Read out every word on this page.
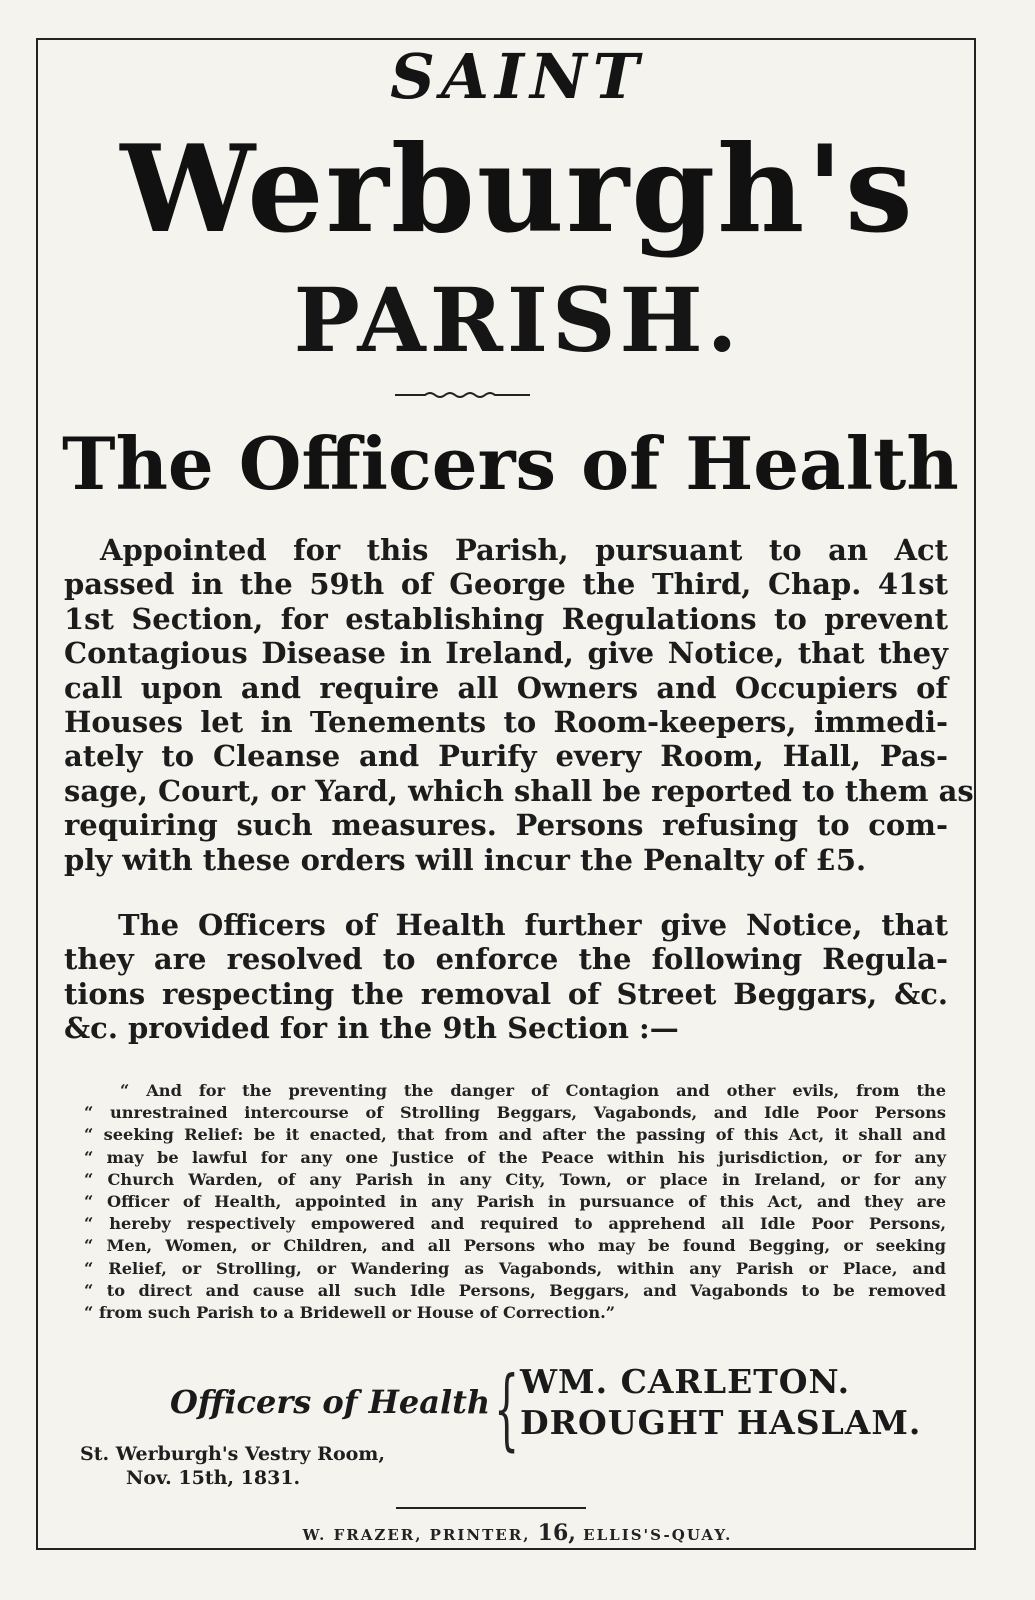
SAINT
Werburgh's
PARISH.
The Officers of Health
Appointed for this Parish, pursuant to an Act
passed in the 59th of George the Third, Chap. 41st
1st Section, for establishing Regulations to prevent
Contagious Disease in Ireland, give Notice, that they
call upon and require all Owners and Occupiers of
Houses let in Tenements to Room-keepers, immedi-
ately to Cleanse and Purify every Room, Hall, Pas-
sage, Court, or Yard, which shall be reported to them as
requiring such measures. Persons refusing to com-
ply with these orders will incur the Penalty of £5.
The Officers of Health further give Notice, that
they are resolved to enforce the following Regula-
tions respecting the removal of Street Beggars, &c.
&c. provided for in the 9th Section :—
“ And for the preventing the danger of Contagion and other evils, from the
“ unrestrained intercourse of Strolling Beggars, Vagabonds, and Idle Poor Persons
“ seeking Relief: be it enacted, that from and after the passing of this Act, it shall and
“ may be lawful for any one Justice of the Peace within his jurisdiction, or for any
“ Church Warden, of any Parish in any City, Town, or place in Ireland, or for any
“ Officer of Health, appointed in any Parish in pursuance of this Act, and they are
“ hereby respectively empowered and required to apprehend all Idle Poor Persons,
“ Men, Women, or Children, and all Persons who may be found Begging, or seeking
“ Relief, or Strolling, or Wandering as Vagabonds, within any Parish or Place, and
“ to direct and cause all such Idle Persons, Beggars, and Vagabonds to be removed
“ from such Parish to a Bridewell or House of Correction.”
Officers of Health { WM. CARLETON.
DROUGHT HASLAM.
St. Werburgh's Vestry Room,
Nov. 15th, 1831.
W. FRAZER, PRINTER, 16, ELLIS'S-QUAY.
